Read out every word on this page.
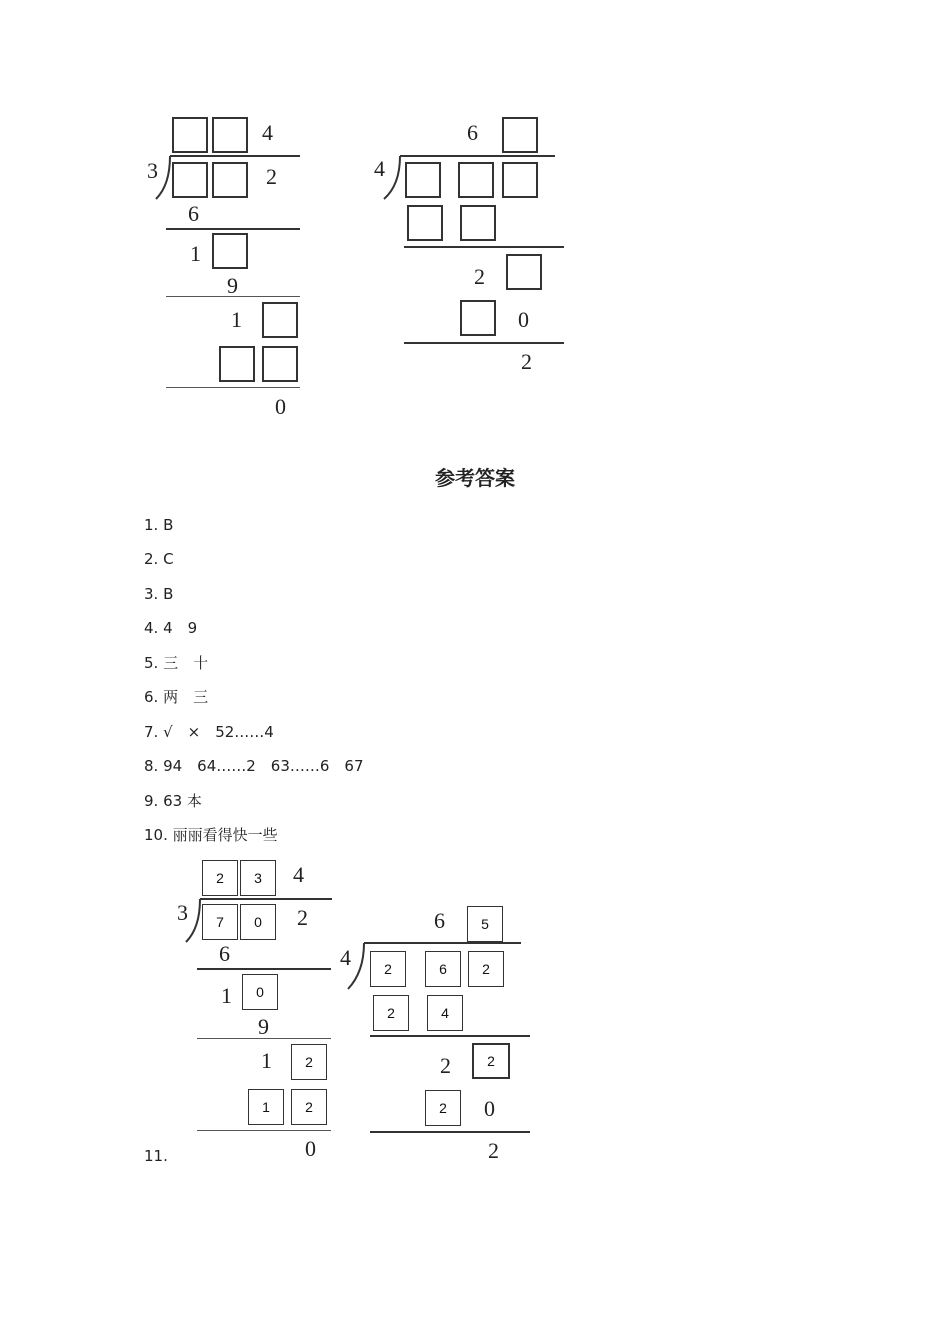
4
3	2
6
1
9
1
0
6
4
2
0
2
参考答案
1. B
2. C
3. B
4. 4　9
5. 三　十
6. 两　三
7. √　×　52……4
8. 94　64……2　63……6　67
9. 63 本
10. 丽丽看得快一些
11.
2	3	4
3	7	0	2
6
1	0
9
1	2
1	2
0
6	5
4	2	6	2
2	4
2	2
2	0
2
